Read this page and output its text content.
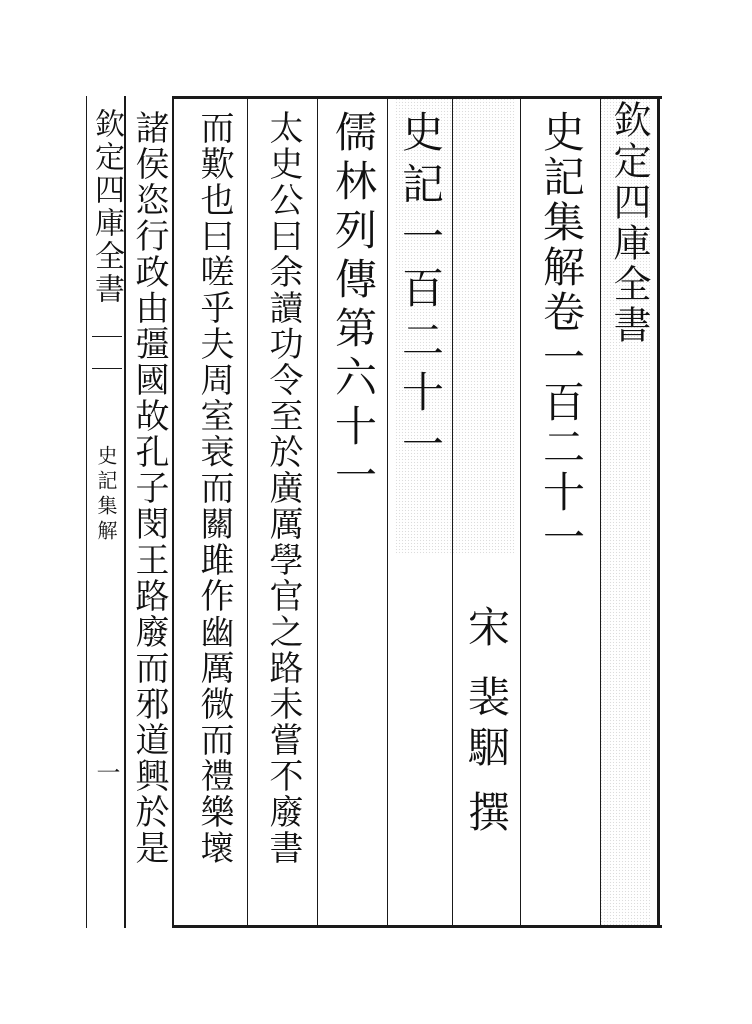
欽定四庫全書
史記集解卷一百二十一
宋
裴駰
撰
史記一百二十一
儒林列傳第六十一
太史公曰余讀功令至於廣厲學官之路未嘗不廢書
而歎也曰嗟乎夫周室衰而關雎作幽厲微而禮樂壞
諸侯恣行政由彊國故孔子閔王路廢而邪道興於是
欽定四庫全書
史記集解
一
